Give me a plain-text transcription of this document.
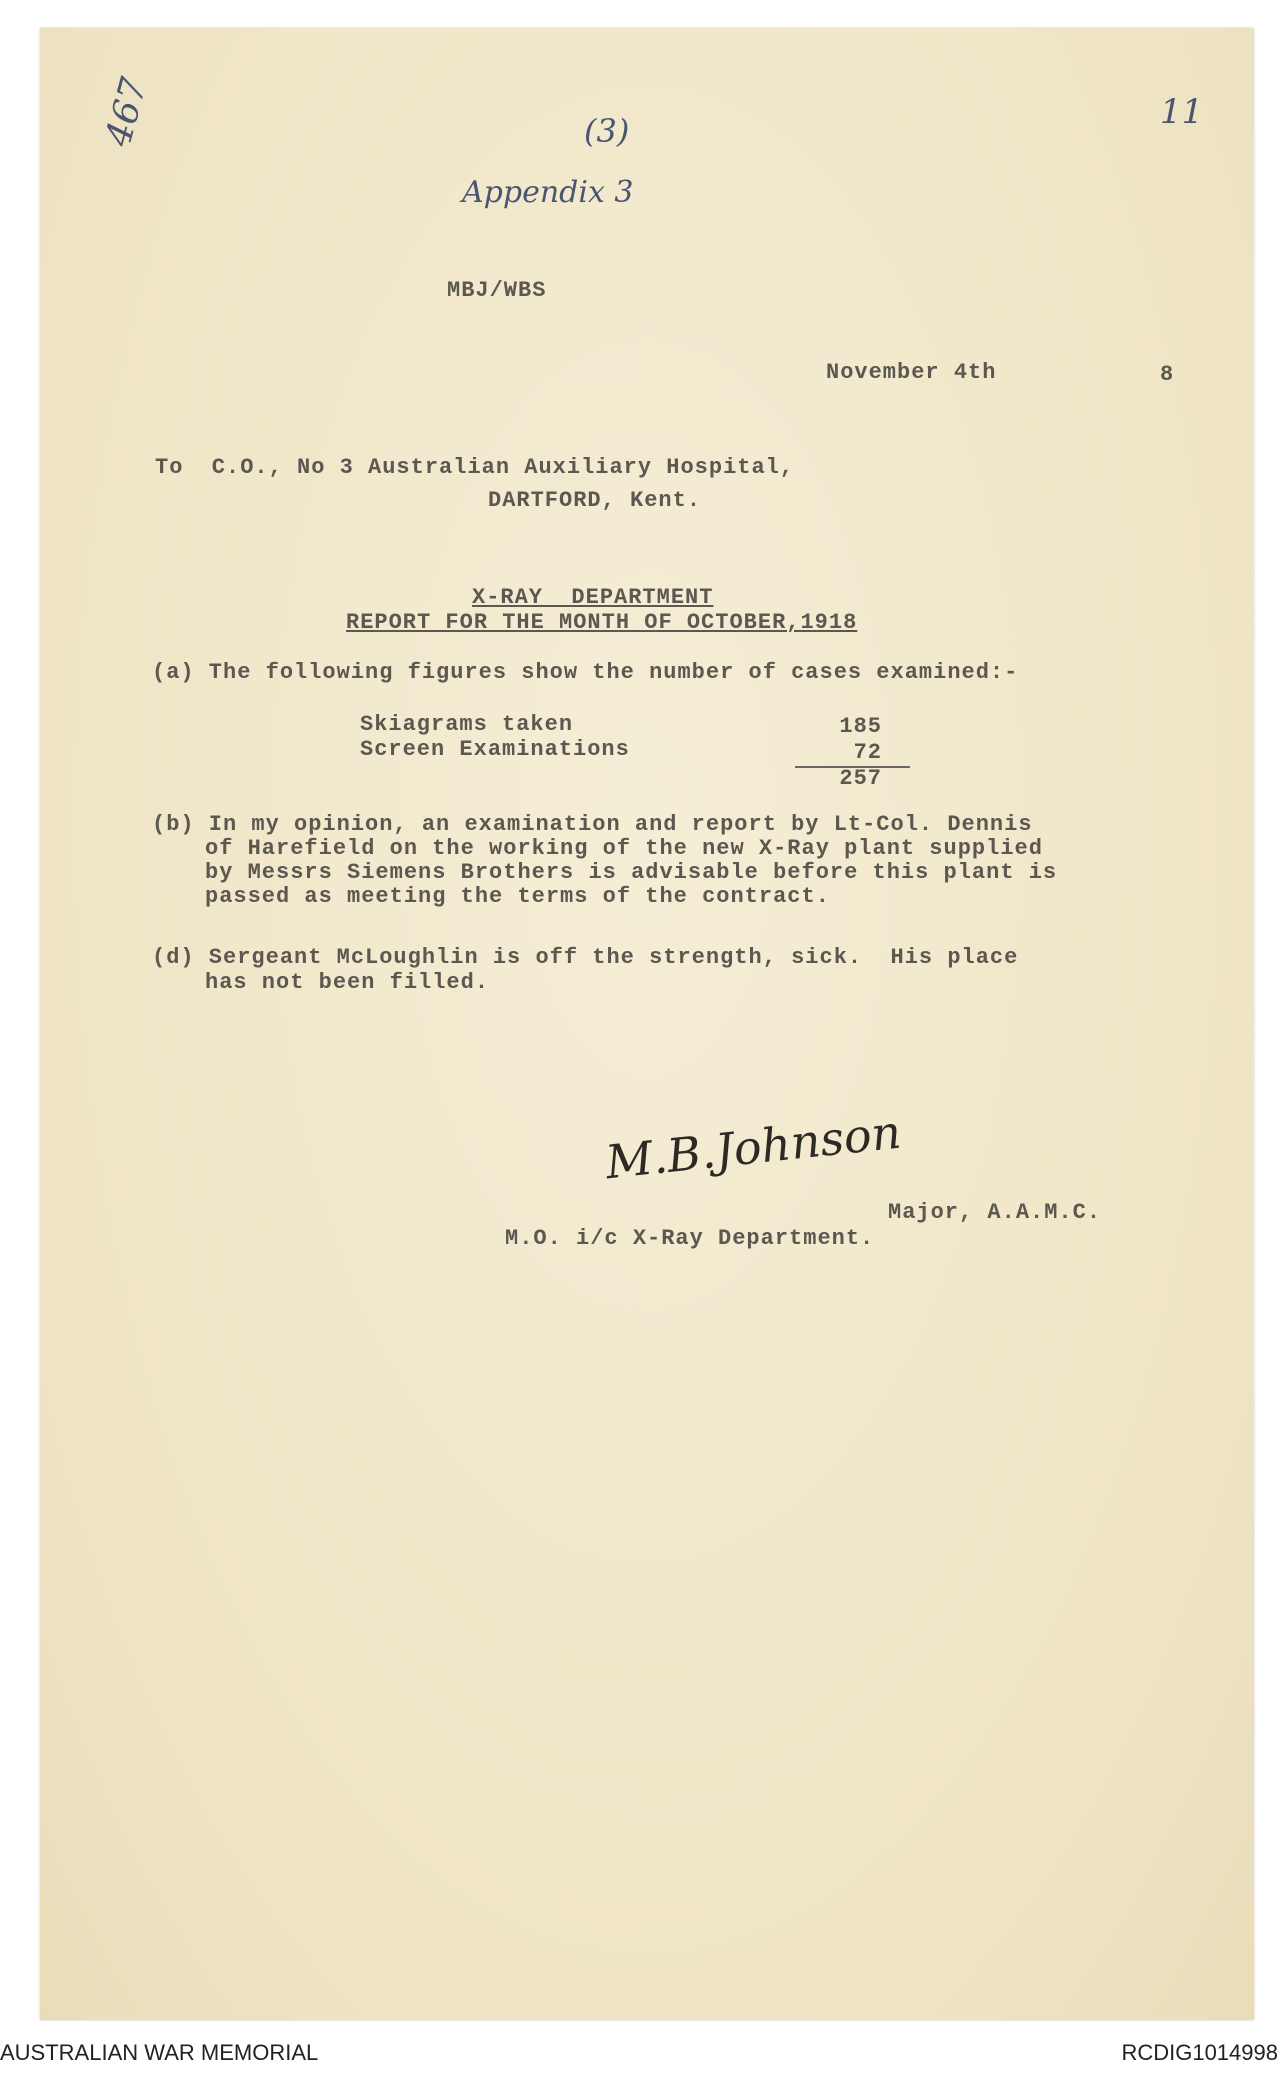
467	(3)
Appendix 3
11
MBJ/WBS
November 4th	8
To  C.O., No 3 Australian Auxiliary Hospital,
DARTFORD, Kent.
X-RAY  DEPARTMENT
REPORT FOR THE MONTH OF OCTOBER,1918
(a) The following figures show the number of cases examined:-
Skiagrams taken	185
Screen Examinations	72
257
(b) In my opinion, an examination and report by Lt-Col. Dennis
of Harefield on the working of the new X-Ray plant supplied
by Messrs Siemens Brothers is advisable before this plant is
passed as meeting the terms of the contract.
(d) Sergeant McLoughlin is off the strength, sick.  His place
has not been filled.
M.B.Johnson
Major, A.A.M.C.
M.O. i/c X-Ray Department.
AUSTRALIAN WAR MEMORIAL	RCDIG1014998
